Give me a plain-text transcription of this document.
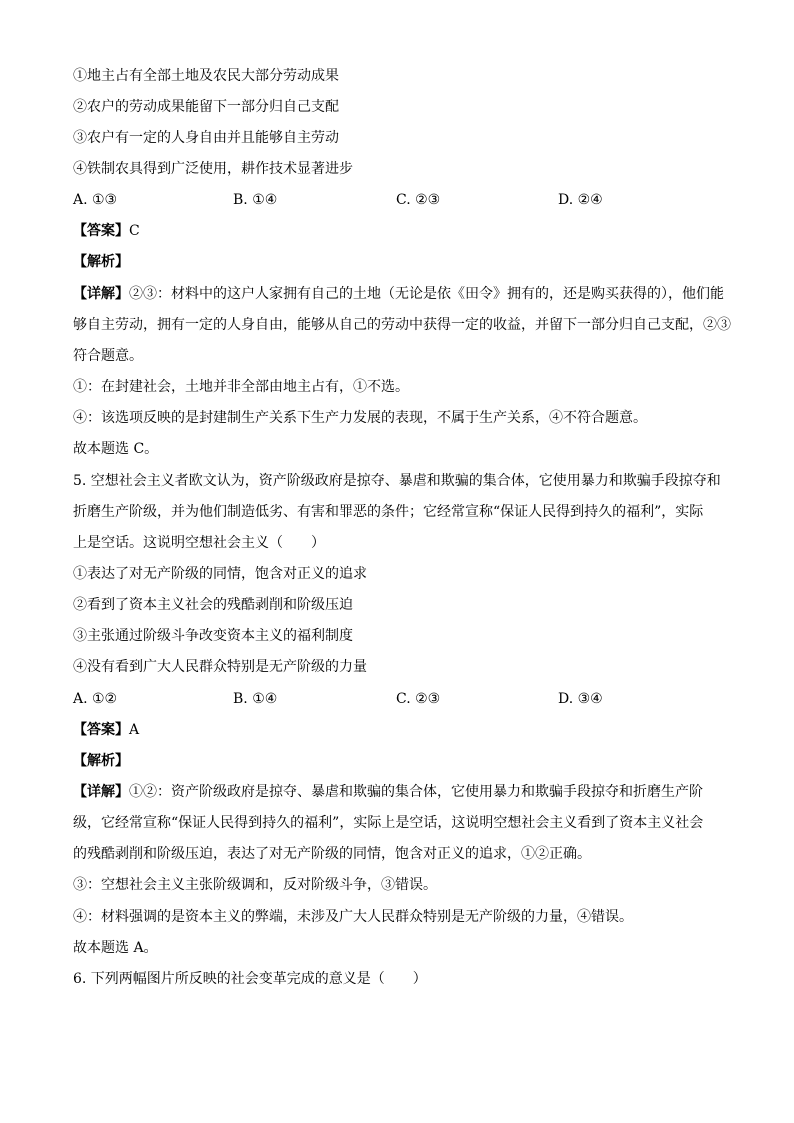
①地主占有全部土地及农民大部分劳动成果
②农户的劳动成果能留下一部分归自己支配
③农户有一定的人身自由并且能够自主劳动
④铁制农具得到广泛使用，耕作技术显著进步
A. ①③	B. ①④	C. ②③	D. ②④
【答案】C
【解析】
【详解】②③：材料中的这户人家拥有自己的土地（无论是依《田令》拥有的，还是购买获得的），他们能
够自主劳动，拥有一定的人身自由，能够从自己的劳动中获得一定的收益，并留下一部分归自己支配，②③
符合题意。
①：在封建社会，土地并非全部由地主占有，①不选。
④：该选项反映的是封建制生产关系下生产力发展的表现，不属于生产关系，④不符合题意。
故本题选 C。
5. 空想社会主义者欧文认为，资产阶级政府是掠夺、暴虐和欺骗的集合体，它使用暴力和欺骗手段掠夺和
折磨生产阶级，并为他们制造低劣、有害和罪恶的条件；它经常宣称“保证人民得到持久的福利”，实际
上是空话。这说明空想社会主义（　　）
①表达了对无产阶级的同情，饱含对正义的追求
②看到了资本主义社会的残酷剥削和阶级压迫
③主张通过阶级斗争改变资本主义的福利制度
④没有看到广大人民群众特别是无产阶级的力量
A. ①②	B. ①④	C. ②③	D. ③④
【答案】A
【解析】
【详解】①②：资产阶级政府是掠夺、暴虐和欺骗的集合体，它使用暴力和欺骗手段掠夺和折磨生产阶
级，它经常宣称“保证人民得到持久的福利”，实际上是空话，这说明空想社会主义看到了资本主义社会
的残酷剥削和阶级压迫，表达了对无产阶级的同情，饱含对正义的追求，①②正确。
③：空想社会主义主张阶级调和，反对阶级斗争，③错误。
④：材料强调的是资本主义的弊端，未涉及广大人民群众特别是无产阶级的力量，④错误。
故本题选 A。
6. 下列两幅图片所反映的社会变革完成的意义是（　　）
